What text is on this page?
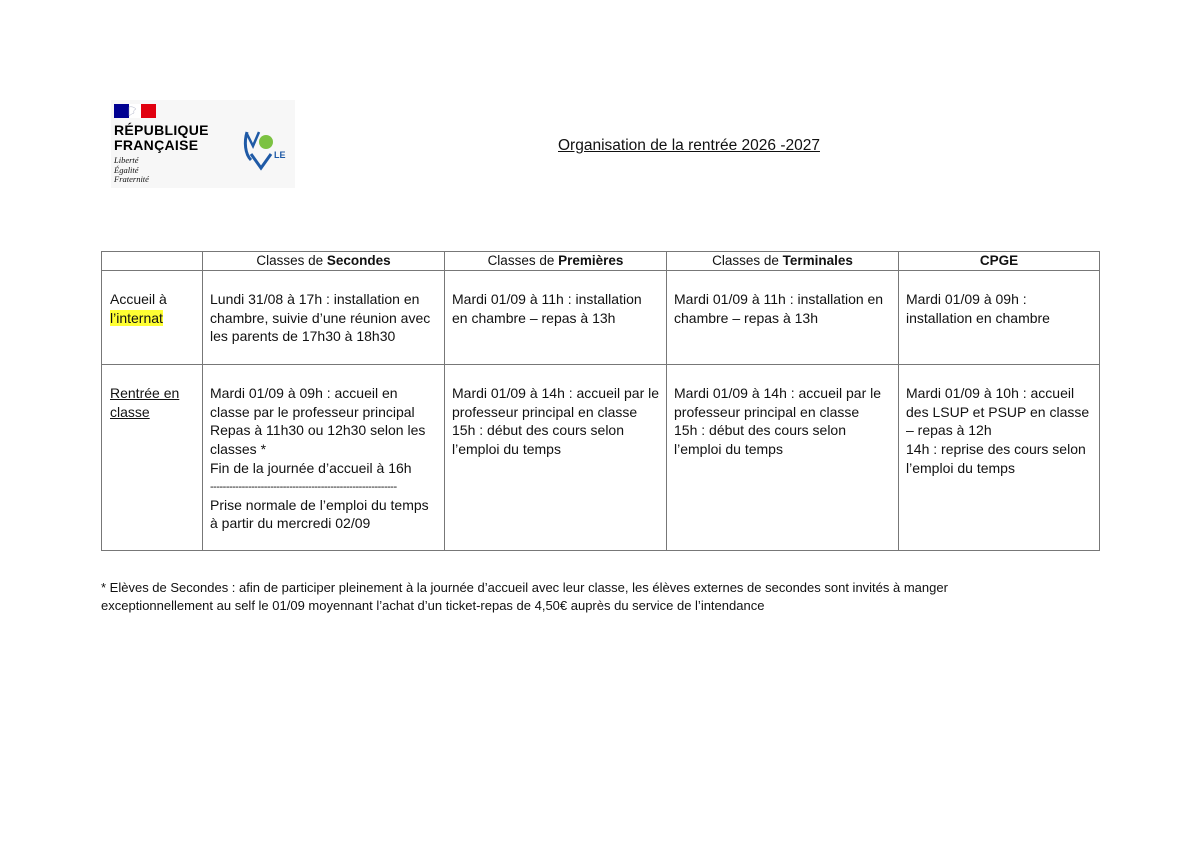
RÉPUBLIQUE
FRANÇAISE
Liberté
Égalité
Fraternité
LE
Organisation de la rentrée 2026 -2027
	Classes de Secondes	Classes de Premières	Classes de Terminales	CPGE

Accueil à
l’internat	Lundi 31/08 à 17h : installation en chambre, suivie d’une réunion avec les parents de 17h30 à 18h30	Mardi 01/09 à 11h : installation en chambre – repas à 13h	Mardi 01/09 à 11h : installation en chambre – repas à 13h	Mardi 01/09 à 09h : installation en chambre

Rentrée en
classe	Mardi 01/09 à 09h : accueil en classe par le professeur principal
Repas à 11h30 ou 12h30 selon les classes *
Fin de la journée d’accueil à 16h
-----------------------------------------------------------
Prise normale de l’emploi du temps à partir du mercredi 02/09	Mardi 01/09 à 14h : accueil par le professeur principal en classe
15h : début des cours selon l’emploi du temps	Mardi 01/09 à 14h : accueil par le professeur principal en classe
15h : début des cours selon l’emploi du temps	Mardi 01/09 à 10h : accueil des LSUP et PSUP en classe – repas à 12h
14h : reprise des cours selon l’emploi du temps
* Elèves de Secondes : afin de participer pleinement à la journée d’accueil avec leur classe, les élèves externes de secondes sont invités à manger
exceptionnellement au self le 01/09 moyennant l’achat d’un ticket-repas de 4,50€ auprès du service de l’intendance
